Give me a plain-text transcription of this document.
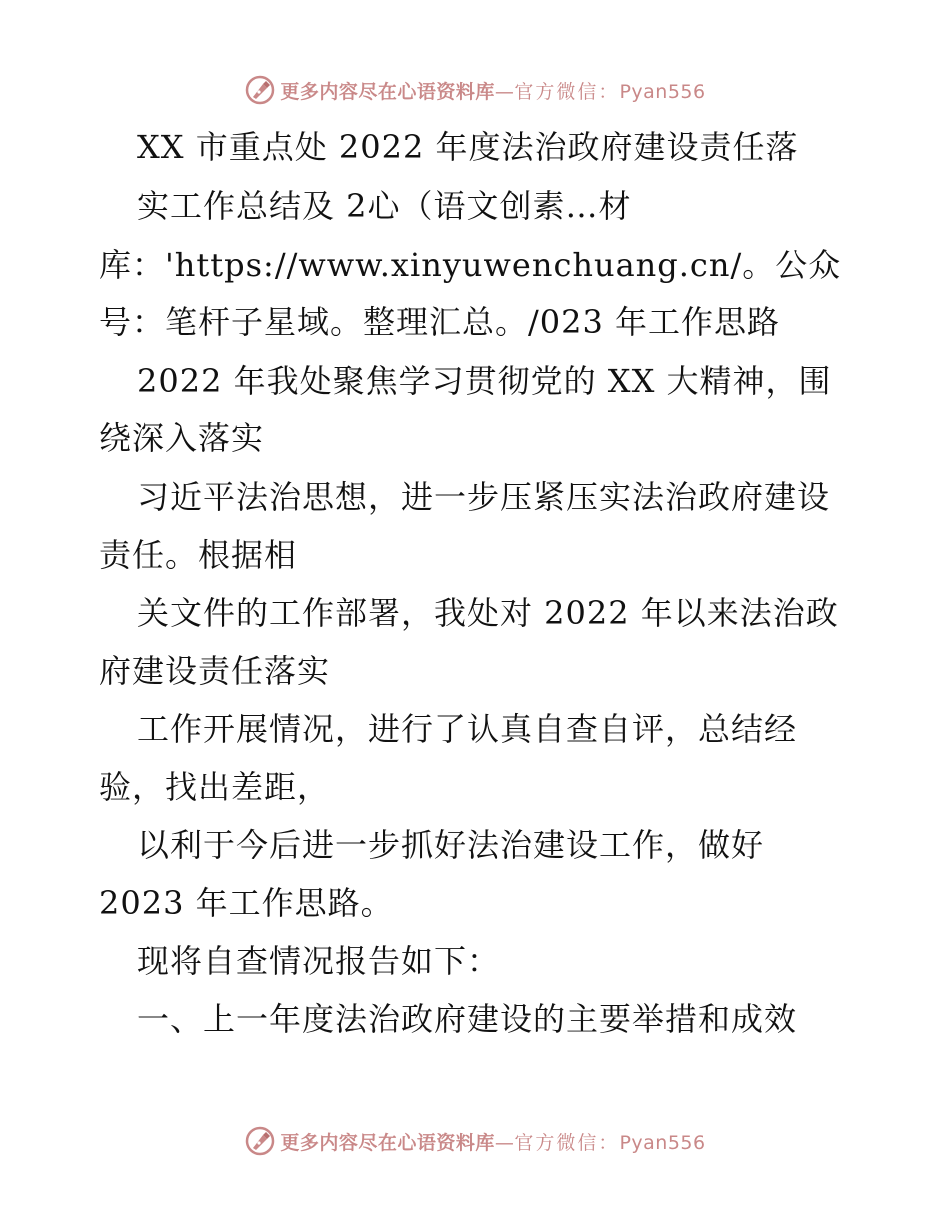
更多内容尽在心语资料库—官方微信：Pyan556
XX 市重点处 2022 年度法治政府建设责任落
实工作总结及 2心（语文创素…材
库：'https://www.xinyuwenchuang.cn/。公众
号：笔杆子星域。整理汇总。/023 年工作思路
2022 年我处聚焦学习贯彻党的 XX 大精神，围
绕深入落实
习近平法治思想，进一步压紧压实法治政府建设
责任。根据相
关文件的工作部署，我处对 2022 年以来法治政
府建设责任落实
工作开展情况，进行了认真自查自评，总结经
验，找出差距，
以利于今后进一步抓好法治建设工作，做好
2023 年工作思路。
现将自查情况报告如下：
一、上一年度法治政府建设的主要举措和成效
更多内容尽在心语资料库—官方微信：Pyan556
